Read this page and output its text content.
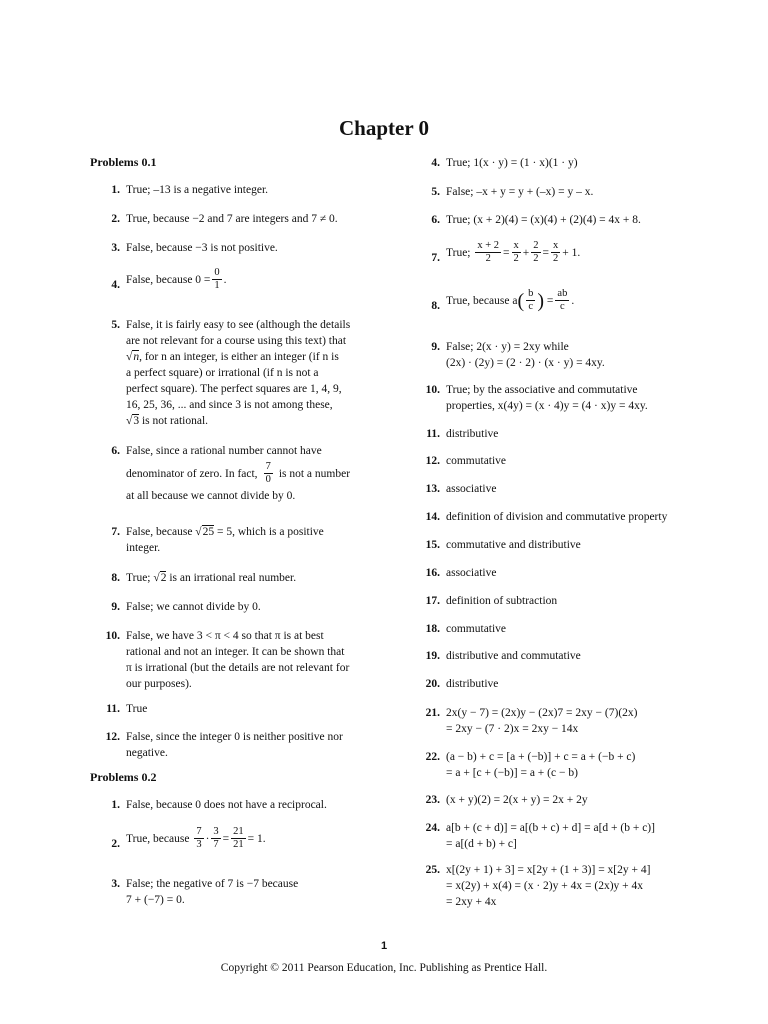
Chapter 0
Problems 0.1
1. True; –13 is a negative integer.
2. True, because −2 and 7 are integers and 7 ≠ 0.
3. False, because −3 is not positive.
4. False, because $0 = \frac{0}{1}$ .
5. False, it is fairly easy to see (although the details
are not relevant for a course using this text) that
√n, for n an integer, is either an integer (if n is
a perfect square) or irrational (if n is not a
perfect square). The perfect squares are 1, 4, 9,
16, 25, 36, ... and since 3 is not among these,
√3 is not rational.
6. False, since a rational number cannot have
denominator of zero. In fact, $\frac{7}{0}$ is not a number
at all because we cannot divide by 0.
7. False, because √25 = 5, which is a positive
integer.
8. True; √2 is an irrational real number.
9. False; we cannot divide by 0.
10. False, we have 3 < π < 4 so that π is at best
rational and not an integer. It can be shown that
π is irrational (but the details are not relevant for
our purposes).
11. True
12. False, since the integer 0 is neither positive nor
negative.
Problems 0.2
1. False, because 0 does not have a reciprocal.
2. True, because
$\frac{7}{3} \cdot \frac{3}{7} = \frac{21}{21} = 1$.
3. False; the negative of 7 is −7 because
7 + (−7) = 0.
4. True; 1(x · y) = (1 · x)(1 · y)
5. False; –x + y = y + (–x) = y – x.
6. True; (x + 2)(4) = (x)(4) + (2)(4) = 4x + 8.
7. True;
$\frac{x + 2}{2} = \frac{x}{2} + \frac{2}{2} = \frac{x}{2} + 1$.
8. True, because a ( $\frac{b}{c}$ ) = $\frac{ab}{c}$ .
9. False; 2(x · y) = 2xy while
(2x) · (2y) = (2 · 2) · (x · y) = 4xy.
10. True; by the associative and commutative
properties, x(4y) = (x · 4)y = (4 · x)y = 4xy.
11. distributive
12. commutative
13. associative
14. definition of division and commutative property
15. commutative and distributive
16. associative
17. definition of subtraction
18. commutative
19. distributive and commutative
20. distributive
21. 2x(y − 7) = (2x)y − (2x)7 = 2xy − (7)(2x)
= 2xy − (7 · 2)x = 2xy − 14x
22. (a − b) + c = [a + (−b)] + c = a + (−b + c)
= a + [c + (−b)] = a + (c − b)
23. (x + y)(2) = 2(x + y) = 2x + 2y
24. a[b + (c + d)] = a[(b + c) + d] = a[d + (b + c)]
= a[(d + b) + c]
25. x[(2y + 1) + 3] = x[2y + (1 + 3)] = x[2y + 4]
= x(2y) + x(4) = (x · 2)y + 4x = (2x)y + 4x
= 2xy + 4x
1
Copyright © 2011 Pearson Education, Inc. Publishing as Prentice Hall.
